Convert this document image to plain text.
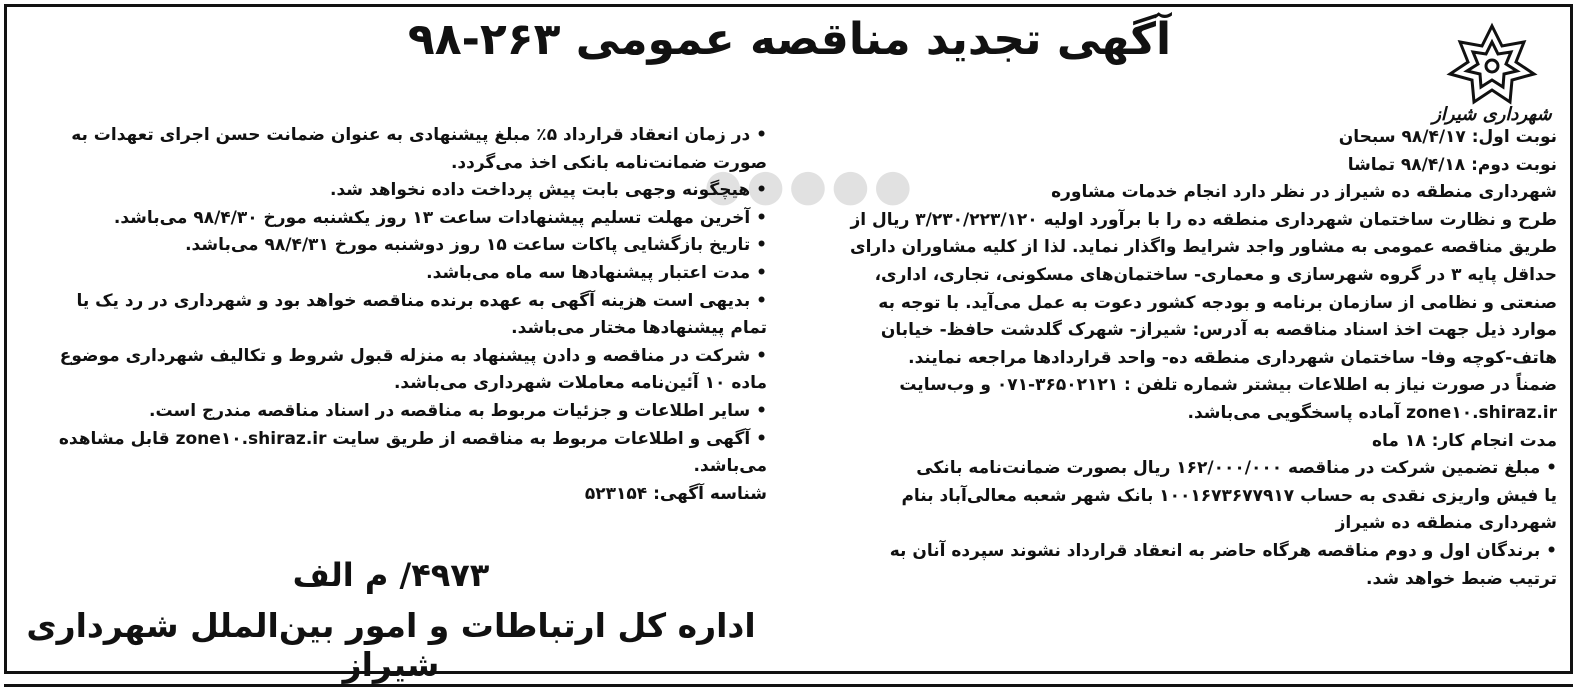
●●●●●
شهرداری شیراز
آگهی تجدید مناقصه عمومی ۲۶۳-۹۸

نوبت اول: ۹۸/۴/۱۷ سبحان

نوبت دوم: ۹۸/۴/۱۸ تماشا

شهرداری منطقه ده شیراز در نظر دارد انجام خدمات مشاوره

طرح و نظارت ساختمان شهرداری منطقه ده را با برآورد اولیه ۳/۲۳۰/۲۲۳/۱۲۰ ریال از

طریق مناقصه عمومی به مشاور واجد شرایط واگذار نماید. لذا از کلیه مشاوران دارای

حداقل پایه ۳ در گروه شهرسازی و معماری- ساختمان‌های مسکونی، تجاری، اداری،

صنعتی و نظامی از سازمان برنامه و بودجه کشور دعوت به عمل می‌آید. با توجه به

موارد ذیل جهت اخذ اسناد مناقصه به آدرس: شیراز- شهرک گلدشت حافظ- خیابان

هاتف-کوچه وفا- ساختمان شهرداری منطقه ده- واحد قراردادها مراجعه نمایند.

ضمناً در صورت نیاز به اطلاعات بیشتر شماره تلفن : ۳۶۵۰۲۱۲۱-۰۷۱ و وب‌سایت

zone۱۰.shiraz.ir آماده پاسخگویی می‌باشد.

مدت انجام کار: ۱۸ ماه

• مبلغ تضمین شرکت در مناقصه ۱۶۲/۰۰۰/۰۰۰ ریال بصورت ضمانت‌نامه بانکی

یا فیش واریزی نقدی به حساب ۱۰۰۱۶۷۳۶۷۷۹۱۷ بانک شهر شعبه معالی‌آباد بنام

شهرداری منطقه ده شیراز

• برندگان اول و دوم مناقصه هرگاه حاضر به انعقاد قرارداد نشوند سپرده آنان به

ترتیب ضبط خواهد شد.

• در زمان انعقاد قرارداد ۵٪ مبلغ پیشنهادی به عنوان ضمانت حسن اجرای تعهدات به

صورت ضمانت‌نامه بانکی اخذ می‌گردد.

• هیچگونه وجهی بابت پیش پرداخت داده نخواهد شد.

• آخرین مهلت تسلیم پیشنهادات ساعت ۱۳ روز یکشنبه مورخ ۹۸/۴/۳۰ می‌باشد.

• تاریخ بازگشایی پاکات ساعت ۱۵ روز دوشنبه مورخ ۹۸/۴/۳۱ می‌باشد.

• مدت اعتبار پیشنهادها سه ماه می‌باشد.

• بدیهی است هزینه آگهی به عهده برنده مناقصه خواهد بود و شهرداری در رد یک یا

تمام پیشنهادها مختار می‌باشد.

• شرکت در مناقصه و دادن پیشنهاد به منزله قبول شروط و تکالیف شهرداری موضوع

ماده ۱۰ آئین‌نامه معاملات شهرداری می‌باشد.

• سایر اطلاعات و جزئیات مربوط به مناقصه در اسناد مناقصه مندرج است.

• آگهی و اطلاعات مربوط به مناقصه از طریق سایت zone۱۰.shiraz.ir قابل مشاهده

می‌باشد.

شناسه آگهی: ۵۲۳۱۵۴

۴۹۷۳/ م الف
اداره کل ارتباطات و امور بین‌الملل شهرداری شیراز
